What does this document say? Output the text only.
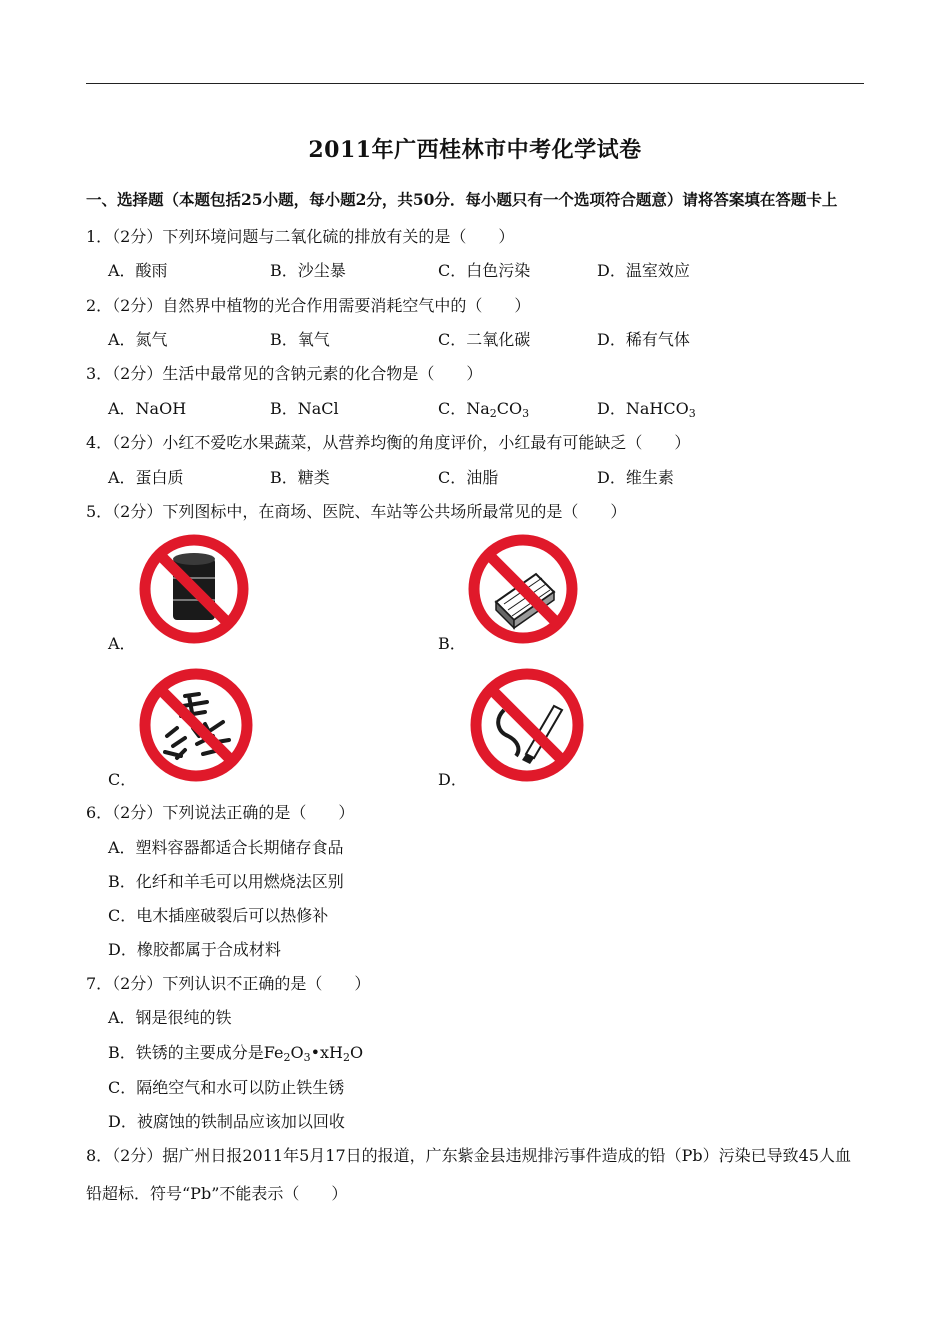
2011年广西桂林市中考化学试卷
一、选择题（本题包括25小题，每小题2分，共50分．每小题只有一个选项符合题意）请将答案填在答题卡上
1．（2分）下列环境问题与二氧化硫的排放有关的是（　　）
A．酸雨	B．沙尘暴	C．白色污染	D．温室效应
2．（2分）自然界中植物的光合作用需要消耗空气中的（　　）
A．氮气	B．氧气	C．二氧化碳	D．稀有气体
3．（2分）生活中最常见的含钠元素的化合物是（　　）
A．NaOH	B．NaCl	C．$Na_2CO_3$	D．NaHCO$_3$
4．（2分）小红不爱吃水果蔬菜，从营养均衡的角度评价，小红最有可能缺乏（　　）
A．蛋白质	B．糖类	C．油脂	D．维生素
5．（2分）下列图标中，在商场、医院、车站等公共场所最常见的是（　　）
A．	B．
C．	D．
6．（2分）下列说法正确的是（　　）
A．塑料容器都适合长期储存食品
B．化纤和羊毛可以用燃烧法区别
C．电木插座破裂后可以热修补
D．橡胶都属于合成材料
7．（2分）下列认识不正确的是（　　）
A．钢是很纯的铁
B．铁锈的主要成分是$Fe_2O_3•xH_2O$
C．隔绝空气和水可以防止铁生锈
D．被腐蚀的铁制品应该加以回收
8．（2分）据广州日报2011年5月17日的报道，广东紫金县违规排污事件造成的铅（Pb）污染已导致45人血
铅超标．符号“Pb”不能表示（　　）
